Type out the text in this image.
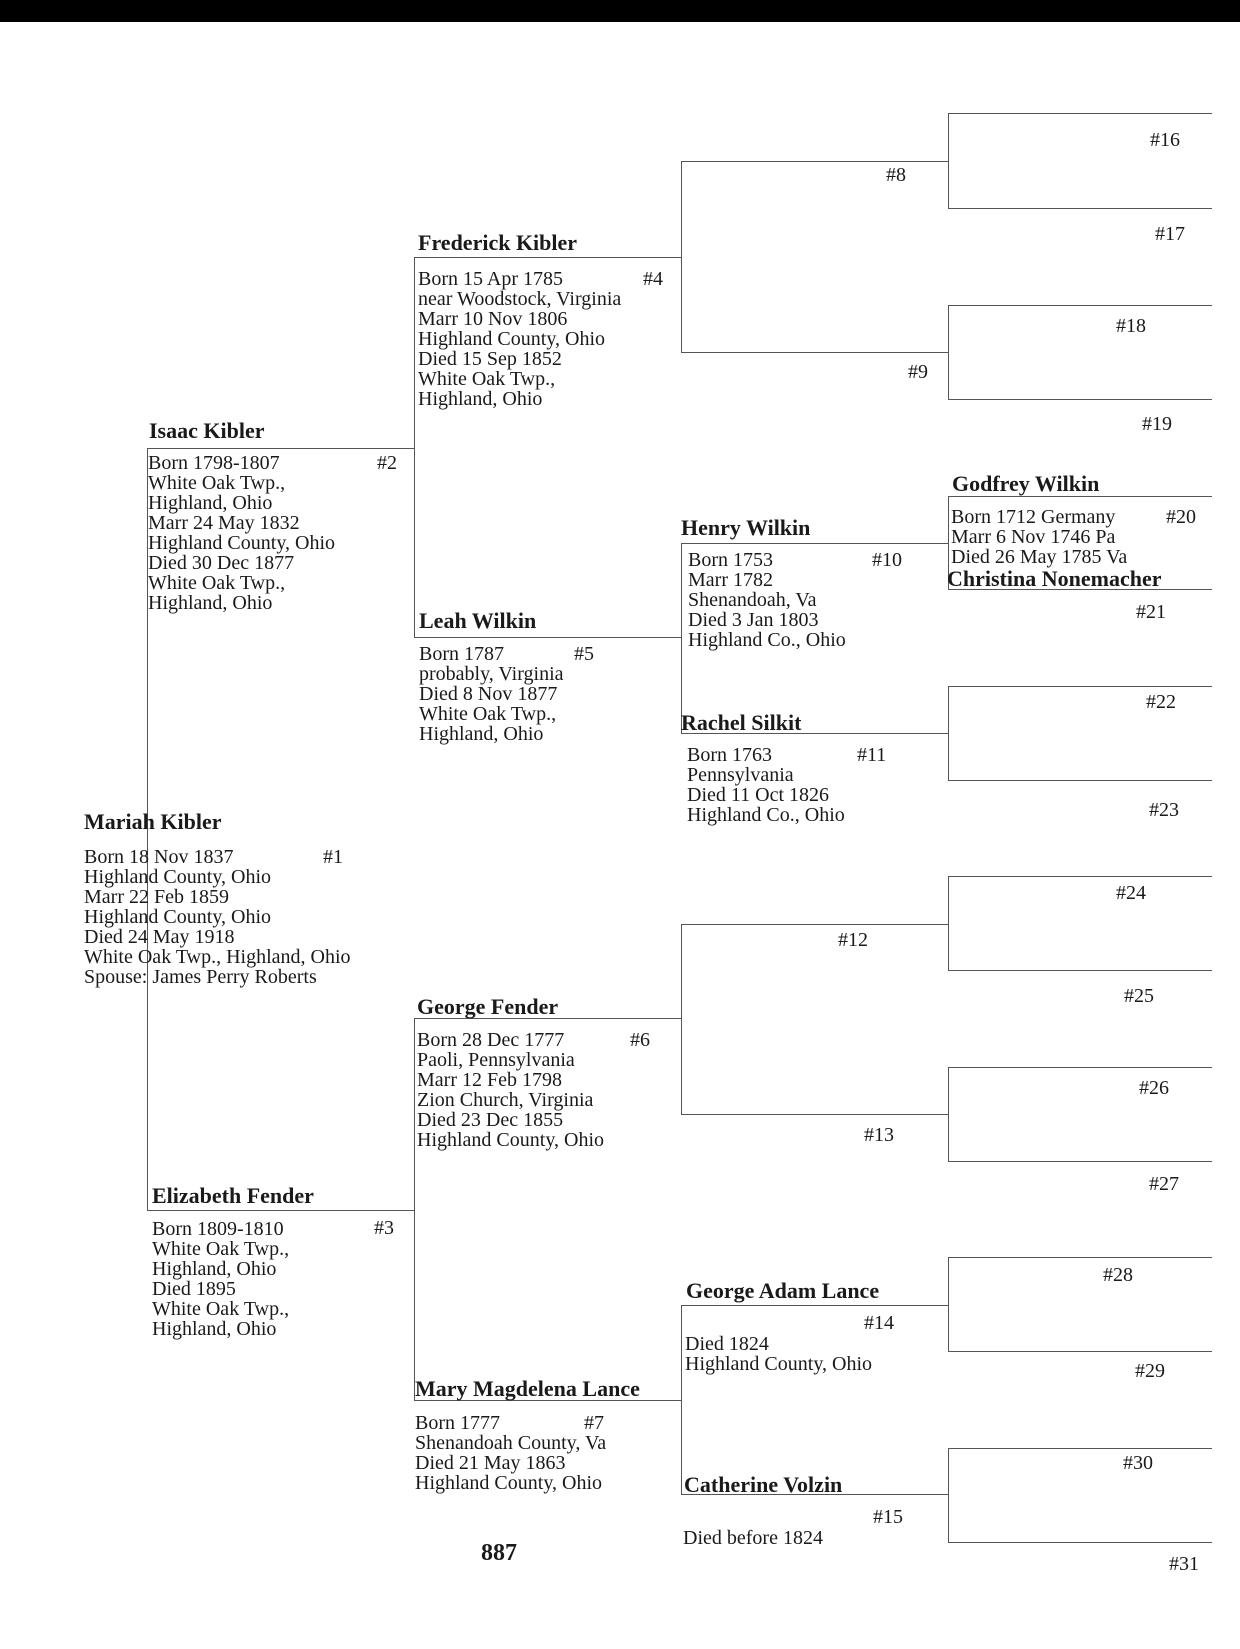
Mariah Kibler
#1
Born 18 Nov 1837
Highland County, Ohio
Marr 22 Feb 1859
Highland County, Ohio
Died 24 May 1918
White Oak Twp., Highland, Ohio
Spouse: James Perry Roberts
Isaac Kibler
#2
Born 1798-1807
White Oak Twp.,
Highland, Ohio
Marr 24 May 1832
Highland County, Ohio
Died 30 Dec 1877
White Oak Twp.,
Highland, Ohio
Elizabeth Fender
#3
Born 1809-1810
White Oak Twp.,
Highland, Ohio
Died 1895
White Oak Twp.,
Highland, Ohio
Frederick Kibler
#4
Born 15 Apr 1785
near Woodstock, Virginia
Marr 10 Nov 1806
Highland County, Ohio
Died 15 Sep 1852
White Oak Twp.,
Highland, Ohio
Leah Wilkin
#5
Born 1787
probably, Virginia
Died 8 Nov 1877
White Oak Twp.,
Highland, Ohio
George Fender
#6
Born 28 Dec 1777
Paoli, Pennsylvania
Marr 12 Feb 1798
Zion Church, Virginia
Died 23 Dec 1855
Highland County, Ohio
Mary Magdelena Lance
#7
Born 1777
Shenandoah County, Va
Died 21 May 1863
Highland County, Ohio
#8
#9
Henry Wilkin
#10
Born 1753
Marr 1782
Shenandoah, Va
Died 3 Jan 1803
Highland Co., Ohio
Rachel Silkit
#11
Born 1763
Pennsylvania
Died 11 Oct 1826
Highland Co., Ohio
#12
#13
George Adam Lance
#14
Died 1824
Highland County, Ohio
Catherine Volzin
#15
Died before 1824
#16
#17
#18
#19
Godfrey Wilkin
#20
Born 1712 Germany
Marr 6 Nov 1746 Pa
Died 26 May 1785 Va
Christina Nonemacher
#21
#22
#23
#24
#25
#26
#27
#28
#29
#30
#31
887
